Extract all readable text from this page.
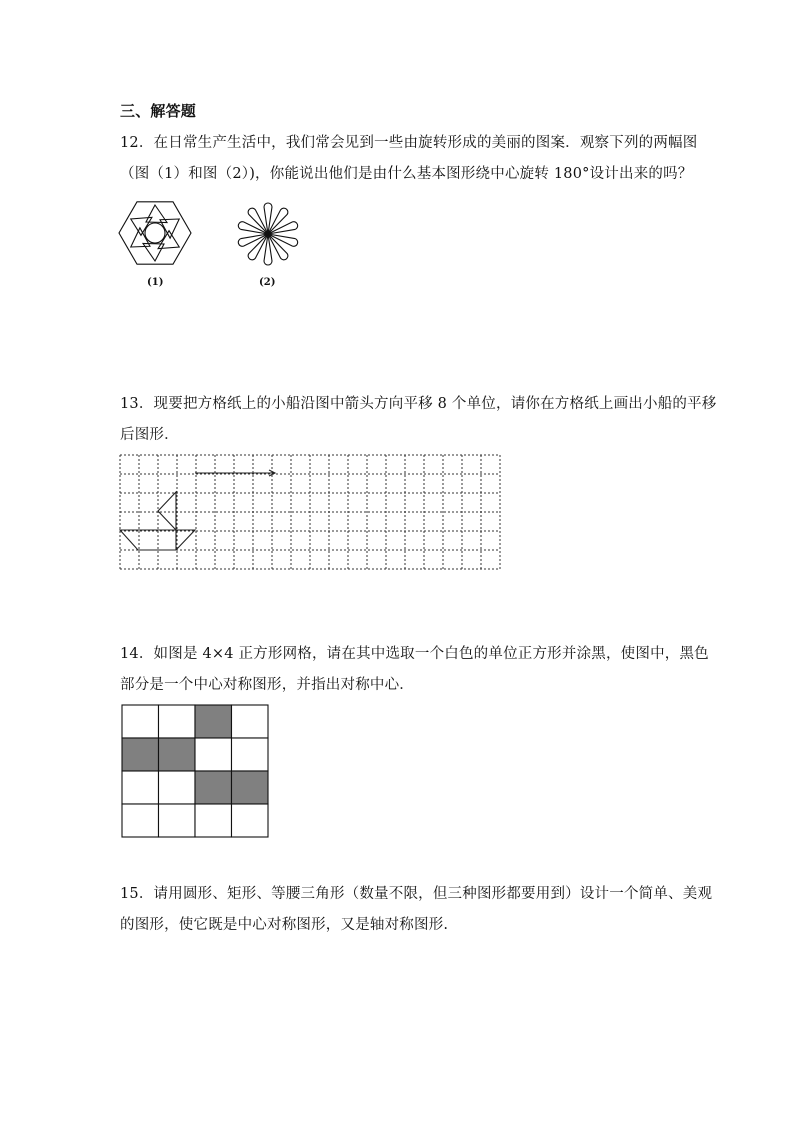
三、解答题
12．在日常生产生活中，我们常会见到一些由旋转形成的美丽的图案．观察下列的两幅图
（图（1）和图（2）)，你能说出他们是由什么基本图形绕中心旋转 180°设计出来的吗？
(1)	(2)
13．现要把方格纸上的小船沿图中箭头方向平移 8 个单位，请你在方格纸上画出小船的平移
后图形．
14．如图是 4×4 正方形网格，请在其中选取一个白色的单位正方形并涂黑，使图中，黑色
部分是一个中心对称图形，并指出对称中心．
15．请用圆形、矩形、等腰三角形（数量不限，但三种图形都要用到）设计一个简单、美观
的图形，使它既是中心对称图形，又是轴对称图形.
